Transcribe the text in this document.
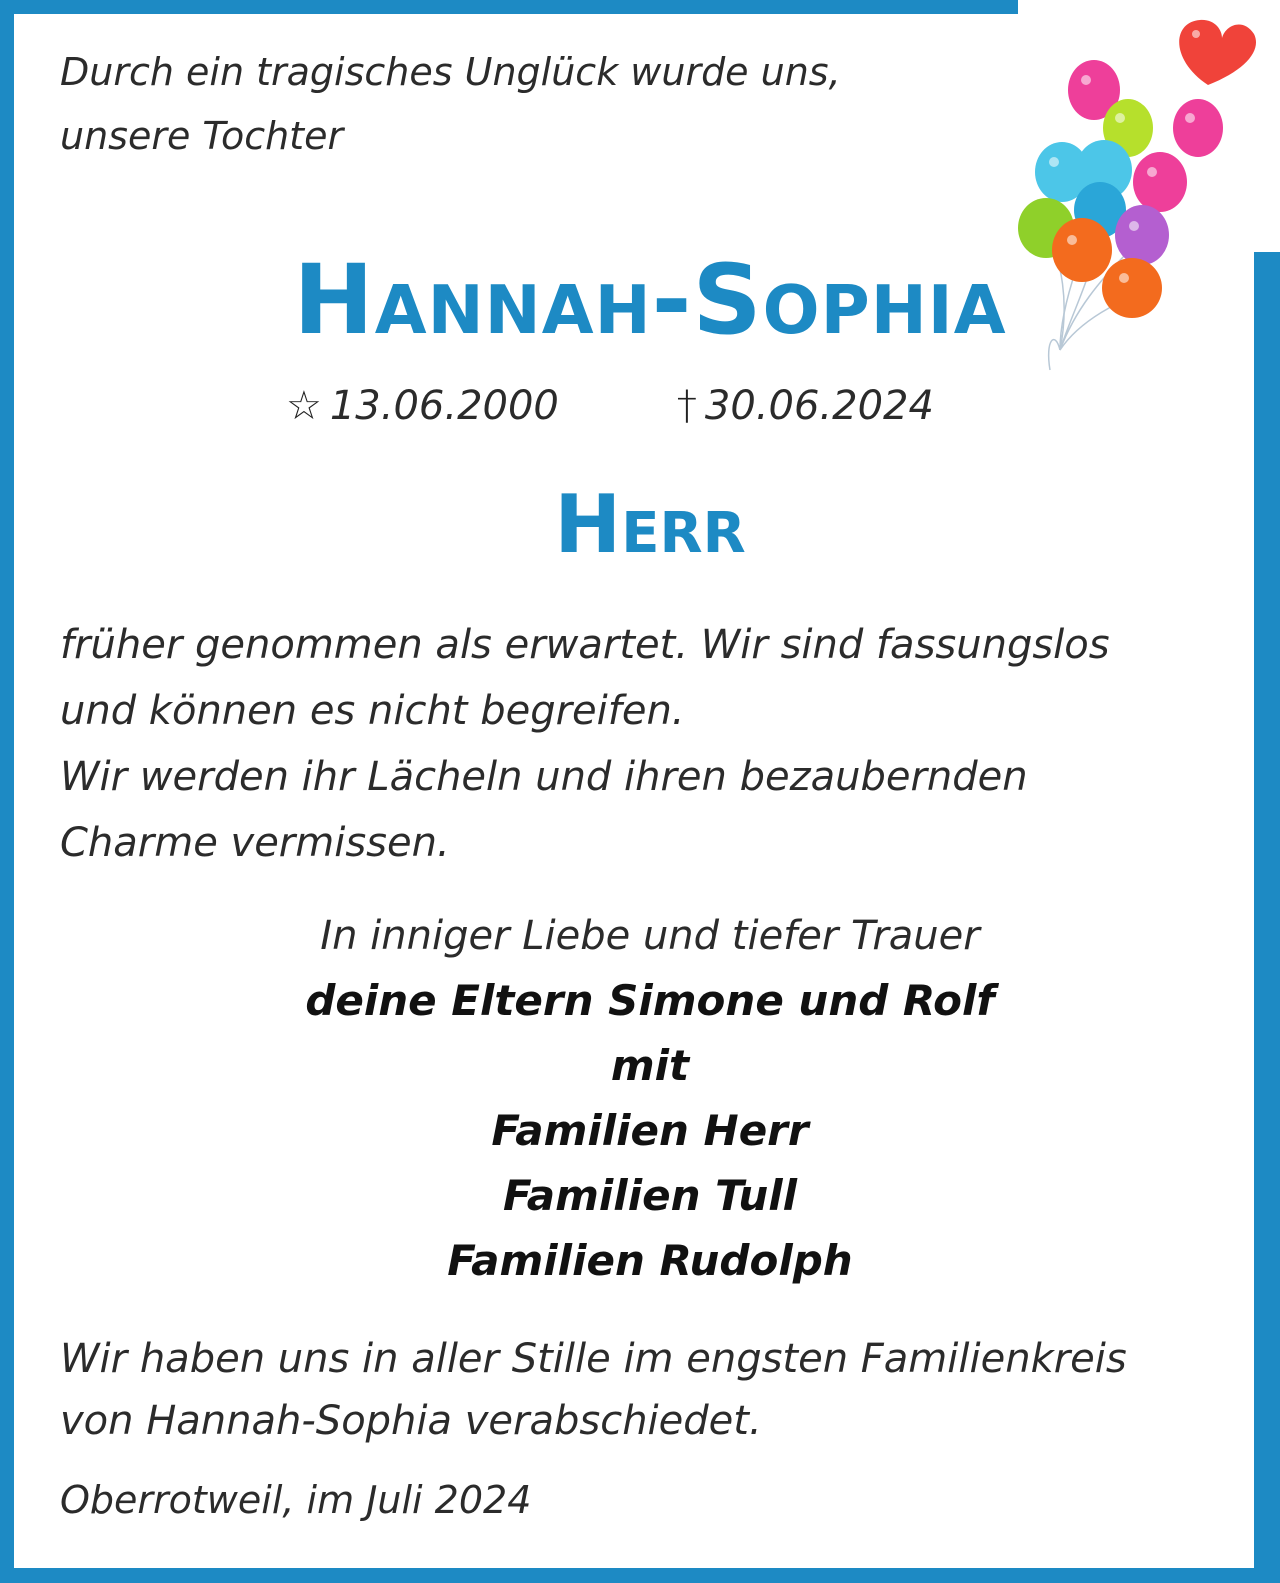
Durch ein tragisches Unglück wurde uns,
unsere Tochter
Hannah-Sophia
☆ 13.06.2000	† 30.06.2024
Herr
früher genommen als erwartet. Wir sind fassungslos
und können es nicht begreifen.
Wir werden ihr Lächeln und ihren bezaubernden
Charme vermissen.
In inniger Liebe und tiefer Trauer
deine Eltern Simone und Rolf
mit
Familien Herr
Familien Tull
Familien Rudolph
Wir haben uns in aller Stille im engsten Familienkreis
von Hannah-Sophia verabschiedet.
Oberrotweil, im Juli 2024
